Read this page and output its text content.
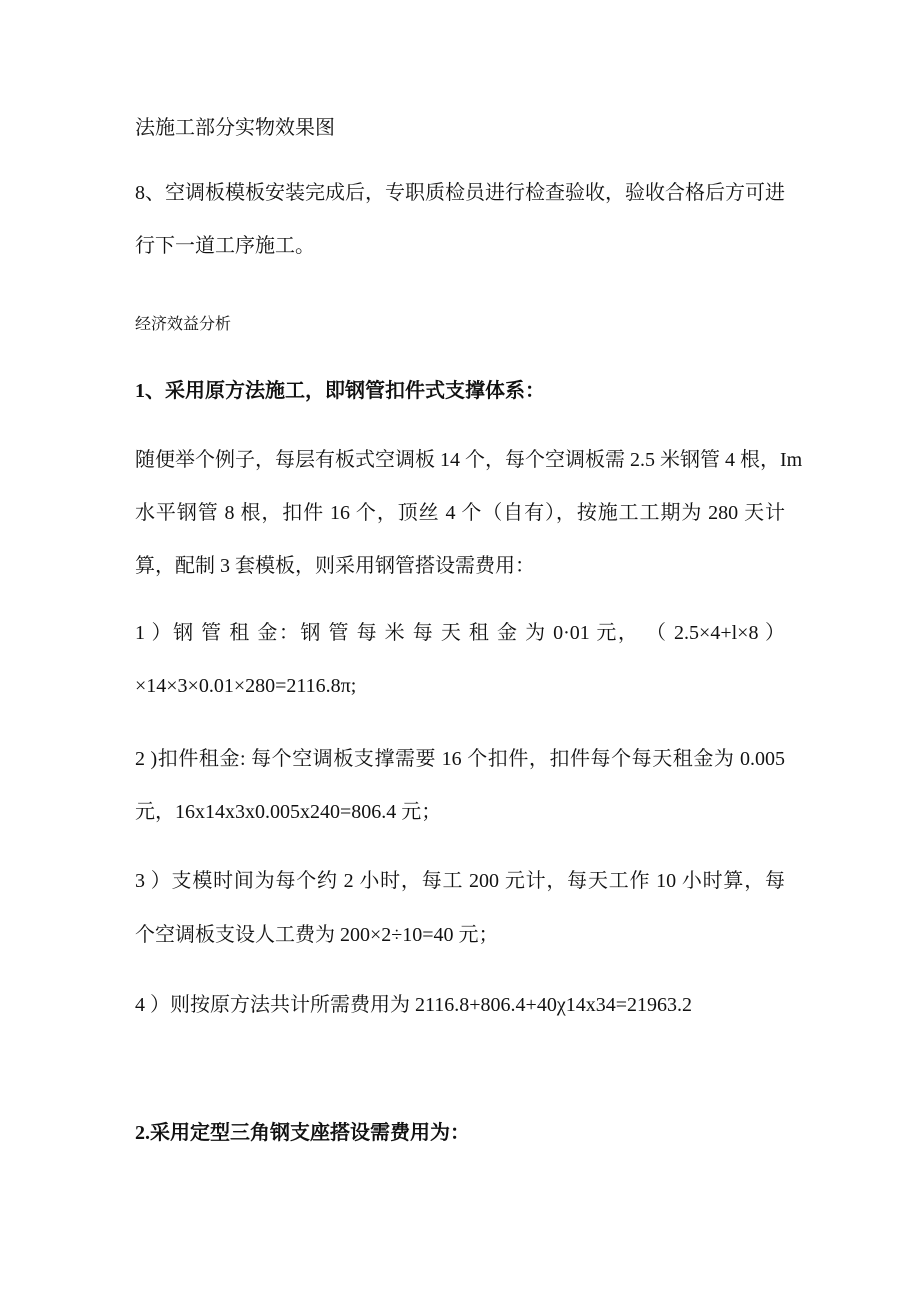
法施工部分实物效果图
8、空调板模板安装完成后，专职质检员进行检查验收，验收合格后方可进
行下一道工序施工。
经济效益分析
1、采用原方法施工，即钢管扣件式支撑体系：
随便举个例子，每层有板式空调板 14 个，每个空调板需 2.5 米钢管 4 根，Im
水平钢管 8 根，扣件 16 个，顶丝 4 个（自有），按施工工期为 280 天计
算，配制 3 套模板，则采用钢管搭设需费用：
1 ）钢 管 租 金：钢 管 每 米 每 天 租 金 为 0·01 元， （ 2.5×4+l×8 ）
×14×3×0.01×280=2116.8π;
2 )扣件租金: 每个空调板支撑需要 16 个扣件，扣件每个每天租金为 0.005
元，16x14x3x0.005x240=806.4 元；
3 ）支模时间为每个约 2 小时，每工 200 元计，每天工作 10 小时算，每
个空调板支设人工费为 200×2÷10=40 元；
4 ）则按原方法共计所需费用为 2116.8+806.4+40χ14x34=21963.2
2.采用定型三角钢支座搭设需费用为：
